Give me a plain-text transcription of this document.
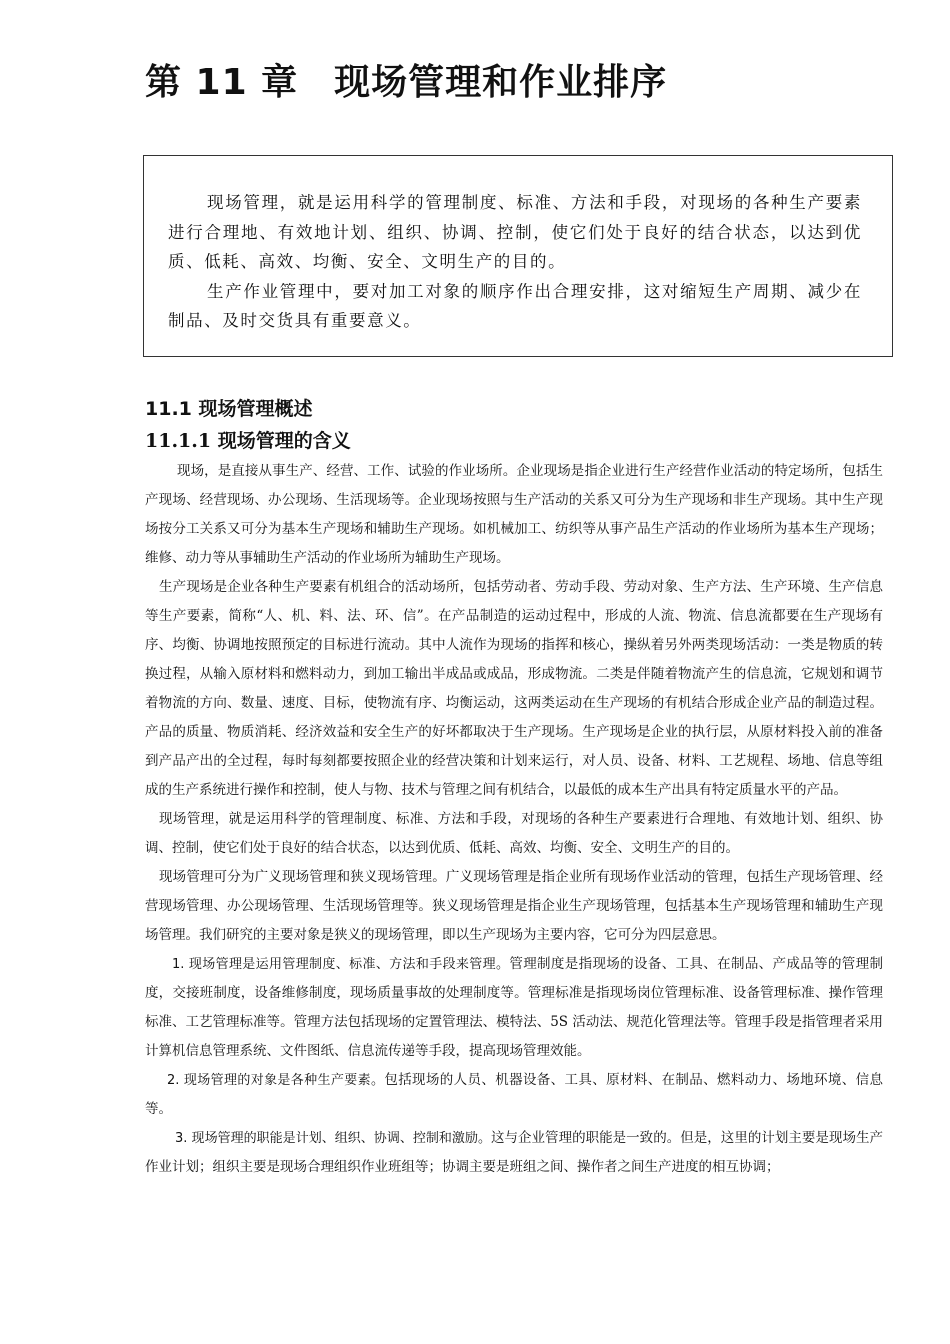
第 11 章 现场管理和作业排序

现场管理，就是运用科学的管理制度、标准、方法和手段，对现场的各种生产要素进行合理地、有效地计划、组织、协调、控制，使它们处于良好的结合状态，以达到优质、低耗、高效、均衡、安全、文明生产的目的。

生产作业管理中，要对加工对象的顺序作出合理安排，这对缩短生产周期、减少在制品、及时交货具有重要意义。

11.1 现场管理概述
11.1.1 现场管理的含义

现场，是直接从事生产、经营、工作、试验的作业场所。企业现场是指企业进行生产经营作业活动的特定场所，包括生产现场、经营现场、办公现场、生活现场等。企业现场按照与生产活动的关系又可分为生产现场和非生产现场。其中生产现场按分工关系又可分为基本生产现场和辅助生产现场。如机械加工、纺织等从事产品生产活动的作业场所为基本生产现场；维修、动力等从事辅助生产活动的作业场所为辅助生产现场。

生产现场是企业各种生产要素有机组合的活动场所，包括劳动者、劳动手段、劳动对象、生产方法、生产环境、生产信息等生产要素，简称“人、机、料、法、环、信”。在产品制造的运动过程中，形成的人流、物流、信息流都要在生产现场有序、均衡、协调地按照预定的目标进行流动。其中人流作为现场的指挥和核心，操纵着另外两类现场活动：一类是物质的转换过程，从输入原材料和燃料动力，到加工输出半成品或成品，形成物流。二类是伴随着物流产生的信息流，它规划和调节着物流的方向、数量、速度、目标，使物流有序、均衡运动，这两类运动在生产现场的有机结合形成企业产品的制造过程。产品的质量、物质消耗、经济效益和安全生产的好坏都取决于生产现场。生产现场是企业的执行层，从原材料投入前的准备到产品产出的全过程，每时每刻都要按照企业的经营决策和计划来运行，对人员、设备、材料、工艺规程、场地、信息等组成的生产系统进行操作和控制，使人与物、技术与管理之间有机结合，以最低的成本生产出具有特定质量水平的产品。

现场管理，就是运用科学的管理制度、标准、方法和手段，对现场的各种生产要素进行合理地、有效地计划、组织、协调、控制，使它们处于良好的结合状态，以达到优质、低耗、高效、均衡、安全、文明生产的目的。

现场管理可分为广义现场管理和狭义现场管理。广义现场管理是指企业所有现场作业活动的管理，包括生产现场管理、经营现场管理、办公现场管理、生活现场管理等。狭义现场管理是指企业生产现场管理，包括基本生产现场管理和辅助生产现场管理。我们研究的主要对象是狭义的现场管理，即以生产现场为主要内容，它可分为四层意思。

1. 现场管理是运用管理制度、标准、方法和手段来管理。管理制度是指现场的设备、工具、在制品、产成品等的管理制度，交接班制度，设备维修制度，现场质量事故的处理制度等。管理标准是指现场岗位管理标准、设备管理标准、操作管理标准、工艺管理标准等。管理方法包括现场的定置管理法、模特法、5S 活动法、规范化管理法等。管理手段是指管理者采用计算机信息管理系统、文件图纸、信息流传递等手段，提高现场管理效能。

2. 现场管理的对象是各种生产要素。包括现场的人员、机器设备、工具、原材料、在制品、燃料动力、场地环境、信息等。

3. 现场管理的职能是计划、组织、协调、控制和激励。这与企业管理的职能是一致的。但是，这里的计划主要是现场生产作业计划；组织主要是现场合理组织作业班组等；协调主要是班组之间、操作者之间生产进度的相互协调；
